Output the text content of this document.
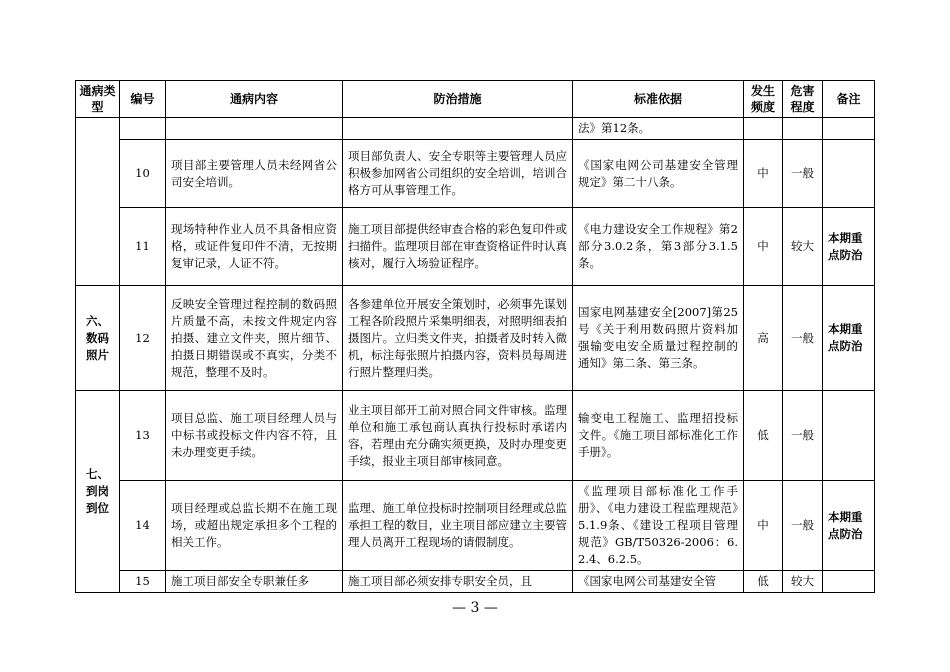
通病类型	编号	通病内容	防治措施	标准依据	发生频度	危害程度	备注
				法》第12条。			
	10	项目部主要管理人员未经网省公司安全培训。	项目部负责人、安全专职等主要管理人员应积极参加网省公司组织的安全培训，培训合格方可从事管理工作。	《国家电网公司基建安全管理规定》第二十八条。	中	一般	
	11	现场特种作业人员不具备相应资格，或证件复印件不清，无按期复审记录，人证不符。	施工项目部提供经审查合格的彩色复印件或扫描件。监理项目部在审查资格证件时认真核对，履行入场验证程序。	《电力建设安全工作规程》第2部分3.0.2条，第3部分3.1.5条。	中	较大	本期重点防治
六、数码照片	12	反映安全管理过程控制的数码照片质量不高，未按文件规定内容拍摄、建立文件夹，照片细节、拍摄日期错误或不真实，分类不规范，整理不及时。	各参建单位开展安全策划时，必须事先谋划工程各阶段照片采集明细表，对照明细表拍摄图片。立归类文件夹，拍摄者及时转入微机，标注每张照片拍摄内容，资料员每周进行照片整理归类。	国家电网基建安全[2007]第25号《关于利用数码照片资料加强输变电安全质量过程控制的通知》第二条、第三条。	高	一般	本期重点防治
七、到岗到位	13	项目总监、施工项目经理人员与中标书或投标文件内容不符，且未办理变更手续。	业主项目部开工前对照合同文件审核。监理单位和施工承包商认真执行投标时承诺内容，若理由充分确实须更换，及时办理变更手续，报业主项目部审核同意。	输变电工程施工、监理招投标文件。《施工项目部标准化工作手册》。	低	一般	
	14	项目经理或总监长期不在施工现场，或超出规定承担多个工程的相关工作。	监理、施工单位投标时控制项目经理或总监承担工程的数目，业主项目部应建立主要管理人员离开工程现场的请假制度。	《监理项目部标准化工作手册》、《电力建设工程监理规范》5.1.9条、《建设工程项目管理规范》GB/T50326-2006：6.2.4、6.2.5。	中	一般	本期重点防治
	15	施工项目部安全专职兼任多	施工项目部必须安排专职安全员，且	《国家电网公司基建安全管	低	较大	
— 3 —
